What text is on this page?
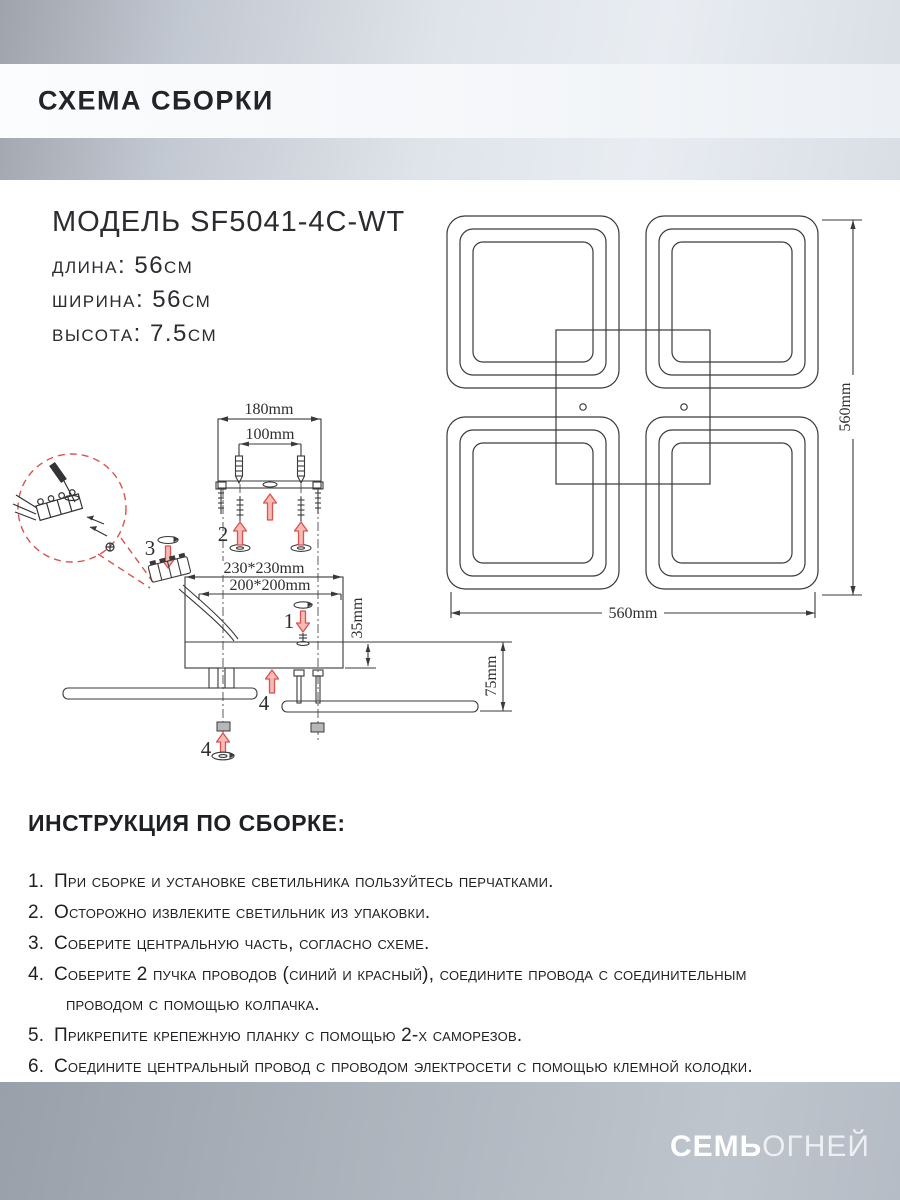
СХЕМА СБОРКИ
МОДЕЛЬ SF5041-4C-WT
длина: 56см
ширина: 56см
высота: 7.5см
180mm
100mm
2
3
230*230mm
200*200mm
1	35mm
75mm
4
4
560mm
560mm
ИНСТРУКЦИЯ ПО СБОРКЕ:
1. При сборке и установке светильника пользуйтесь перчатками.
2. Осторожно извлеките светильник из упаковки.
3. Соберите центральную часть, согласно схеме.
4. Соберите 2 пучка проводов (синий и красный), соедините провода с соединительным
проводом с помощью колпачка.
5. Прикрепите крепежную планку с помощью 2-х саморезов.
6. Соедините центральный провод с проводом электросети с помощью клемной колодки.
СЕМЬОГНЕЙ
